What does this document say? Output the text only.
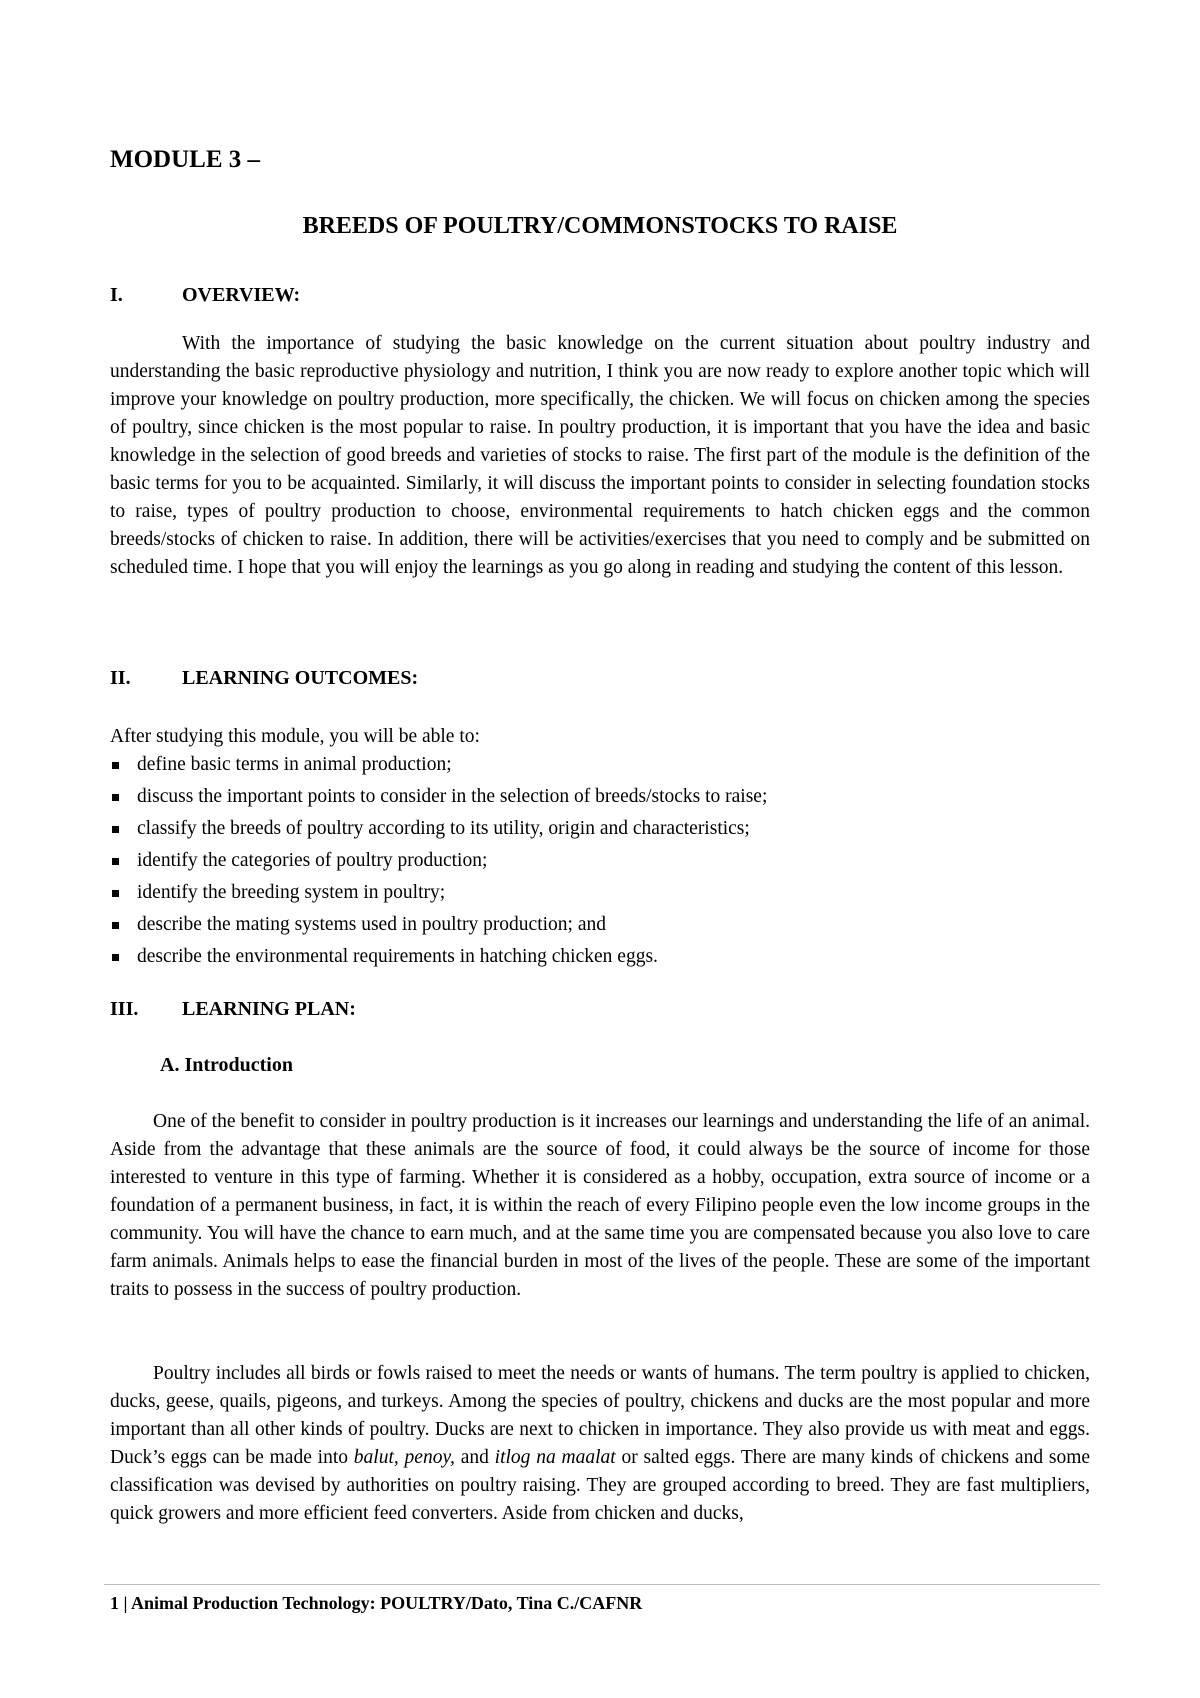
MODULE 3 –
BREEDS OF POULTRY/COMMONSTOCKS TO RAISE
I.	OVERVIEW:

With the importance of studying the basic knowledge on the current situation about poultry industry and understanding the basic reproductive physiology and nutrition, I think you are now ready to explore another topic which will improve your knowledge on poultry production, more specifically, the chicken. We will focus on chicken among the species of poultry, since chicken is the most popular to raise. In poultry production, it is important that you have the idea and basic knowledge in the selection of good breeds and varieties of stocks to raise. The first part of the module is the definition of the basic terms for you to be acquainted. Similarly, it will discuss the important points to consider in selecting foundation stocks to raise, types of poultry production to choose, environmental requirements to hatch chicken eggs and the common breeds/stocks of chicken to raise. In addition, there will be activities/exercises that you need to comply and be submitted on scheduled time. I hope that you will enjoy the learnings as you go along in reading and studying the content of this lesson.

II.	LEARNING OUTCOMES:
After studying this module, you will be able to:
define basic terms in animal production;
discuss the important points to consider in the selection of breeds/stocks to raise;
classify the breeds of poultry according to its utility, origin and characteristics;
identify the categories of poultry production;
identify the breeding system in poultry;
describe the mating systems used in poultry production; and
describe the environmental requirements in hatching chicken eggs.
III.	LEARNING PLAN:
A. Introduction

One of the benefit to consider in poultry production is it increases our learnings and understanding the life of an animal. Aside from the advantage that these animals are the source of food, it could always be the source of income for those interested to venture in this type of farming. Whether it is considered as a hobby, occupation, extra source of income or a foundation of a permanent business, in fact, it is within the reach of every Filipino people even the low income groups in the community. You will have the chance to earn much, and at the same time you are compensated because you also love to care farm animals. Animals helps to ease the financial burden in most of the lives of the people. These are some of the important traits to possess in the success of poultry production.

Poultry includes all birds or fowls raised to meet the needs or wants of humans. The term poultry is applied to chicken, ducks, geese, quails, pigeons, and turkeys. Among the species of poultry, chickens and ducks are the most popular and more important than all other kinds of poultry. Ducks are next to chicken in importance. They also provide us with meat and eggs. Duck’s eggs can be made into balut, penoy, and itlog na maalat or salted eggs. There are many kinds of chickens and some classification was devised by authorities on poultry raising. They are grouped according to breed. They are fast multipliers, quick growers and more efficient feed converters. Aside from chicken and ducks,

1 | Animal Production Technology: POULTRY/Dato, Tina C./CAFNR
